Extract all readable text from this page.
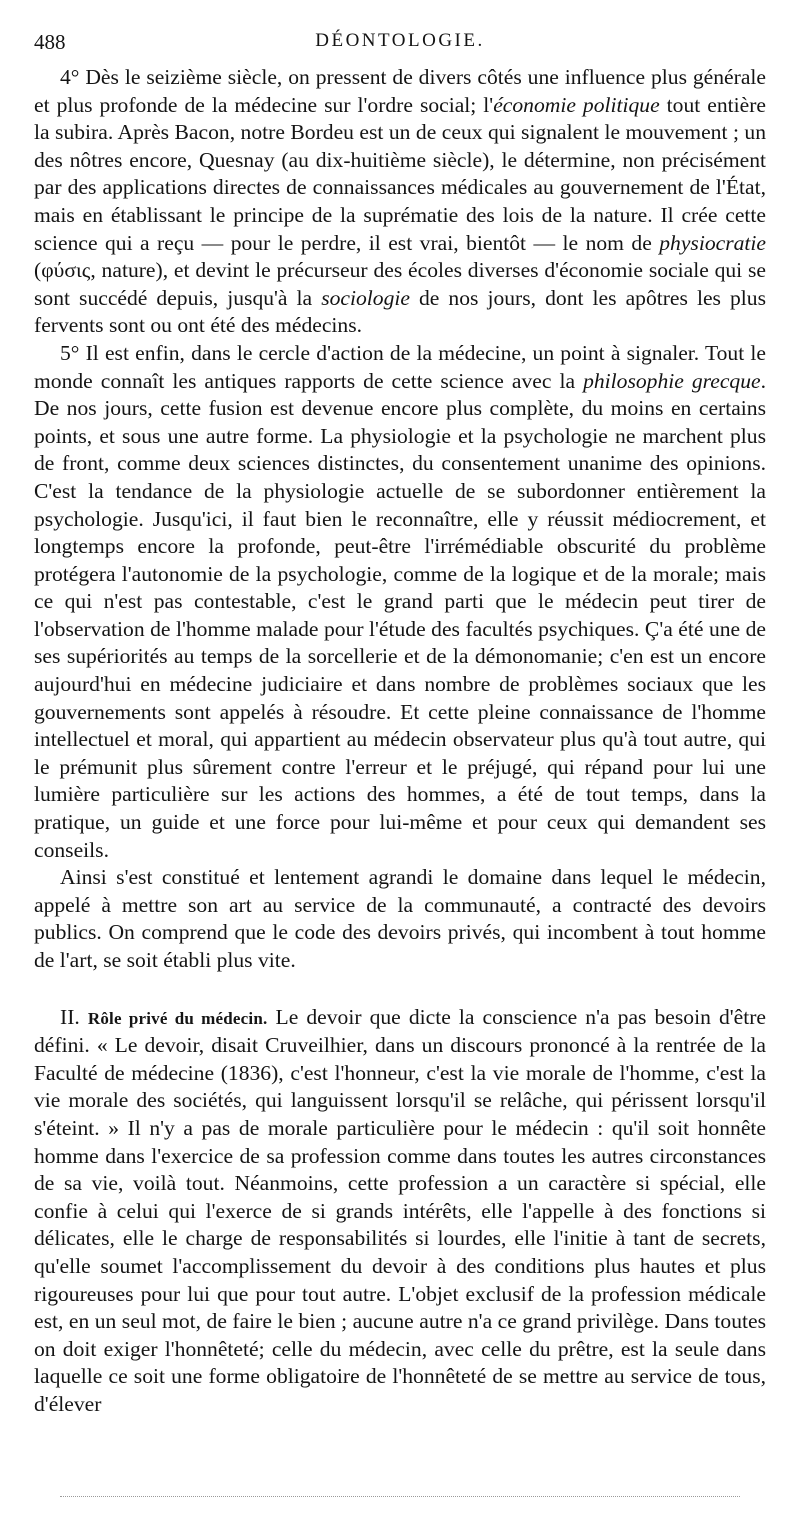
488	DÉONTOLOGIE.

4° Dès le seizième siècle, on pressent de divers côtés une influence plus générale et plus profonde de la médecine sur l'ordre social; l'économie politique tout entière la subira. Après Bacon, notre Bordeu est un de ceux qui signalent le mouvement ; un des nôtres encore, Quesnay (au dix-huitième siècle), le détermine, non précisément par des applications directes de connaissances médicales au gouvernement de l'État, mais en établissant le principe de la suprématie des lois de la nature. Il crée cette science qui a reçu — pour le perdre, il est vrai, bientôt — le nom de physiocratie (φύσις, nature), et devint le précurseur des écoles diverses d'économie sociale qui se sont succédé depuis, jusqu'à la sociologie de nos jours, dont les apôtres les plus fervents sont ou ont été des médecins.

5° Il est enfin, dans le cercle d'action de la médecine, un point à signaler. Tout le monde connaît les antiques rapports de cette science avec la philosophie grecque. De nos jours, cette fusion est devenue encore plus complète, du moins en certains points, et sous une autre forme. La physiologie et la psychologie ne marchent plus de front, comme deux sciences distinctes, du consentement unanime des opinions. C'est la tendance de la physiologie actuelle de se subordonner entièrement la psychologie. Jusqu'ici, il faut bien le reconnaître, elle y réussit médiocrement, et longtemps encore la profonde, peut-être l'irrémédiable obscurité du problème protégera l'autonomie de la psychologie, comme de la logique et de la morale; mais ce qui n'est pas contestable, c'est le grand parti que le médecin peut tirer de l'observation de l'homme malade pour l'étude des facultés psychiques. Ç'a été une de ses supériorités au temps de la sorcellerie et de la démonomanie; c'en est un encore aujourd'hui en médecine judiciaire et dans nombre de problèmes sociaux que les gouvernements sont appelés à résoudre. Et cette pleine connaissance de l'homme intellectuel et moral, qui appartient au médecin observateur plus qu'à tout autre, qui le prémunit plus sûrement contre l'erreur et le préjugé, qui répand pour lui une lumière particulière sur les actions des hommes, a été de tout temps, dans la pratique, un guide et une force pour lui-même et pour ceux qui demandent ses conseils.

Ainsi s'est constitué et lentement agrandi le domaine dans lequel le médecin, appelé à mettre son art au service de la communauté, a contracté des devoirs publics. On comprend que le code des devoirs privés, qui incombent à tout homme de l'art, se soit établi plus vite.

II. Rôle privé du médecin. Le devoir que dicte la conscience n'a pas besoin d'être défini. « Le devoir, disait Cruveilhier, dans un discours prononcé à la rentrée de la Faculté de médecine (1836), c'est l'honneur, c'est la vie morale de l'homme, c'est la vie morale des sociétés, qui languissent lorsqu'il se relâche, qui périssent lorsqu'il s'éteint. » Il n'y a pas de morale particulière pour le médecin : qu'il soit honnête homme dans l'exercice de sa profession comme dans toutes les autres circonstances de sa vie, voilà tout. Néanmoins, cette profession a un caractère si spécial, elle confie à celui qui l'exerce de si grands intérêts, elle l'appelle à des fonctions si délicates, elle le charge de responsabilités si lourdes, elle l'initie à tant de secrets, qu'elle soumet l'accomplissement du devoir à des conditions plus hautes et plus rigoureuses pour lui que pour tout autre. L'objet exclusif de la profession médicale est, en un seul mot, de faire le bien ; aucune autre n'a ce grand privilège. Dans toutes on doit exiger l'honnêteté; celle du médecin, avec celle du prêtre, est la seule dans laquelle ce soit une forme obligatoire de l'honnêteté de se mettre au service de tous, d'élever
